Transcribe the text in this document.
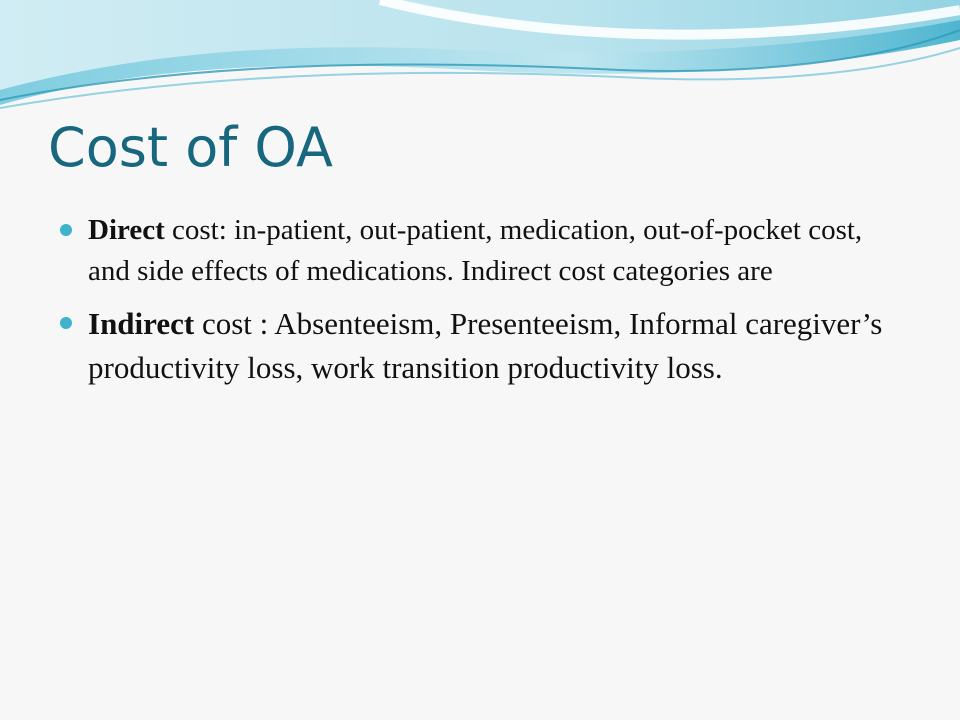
Cost of OA
Direct cost: in-patient, out-patient, medication, out-of-pocket cost, and side effects of medications. Indirect cost categories are
Indirect cost : Absenteeism, Presenteeism, Informal caregiver’s productivity loss, work transition productivity loss.
